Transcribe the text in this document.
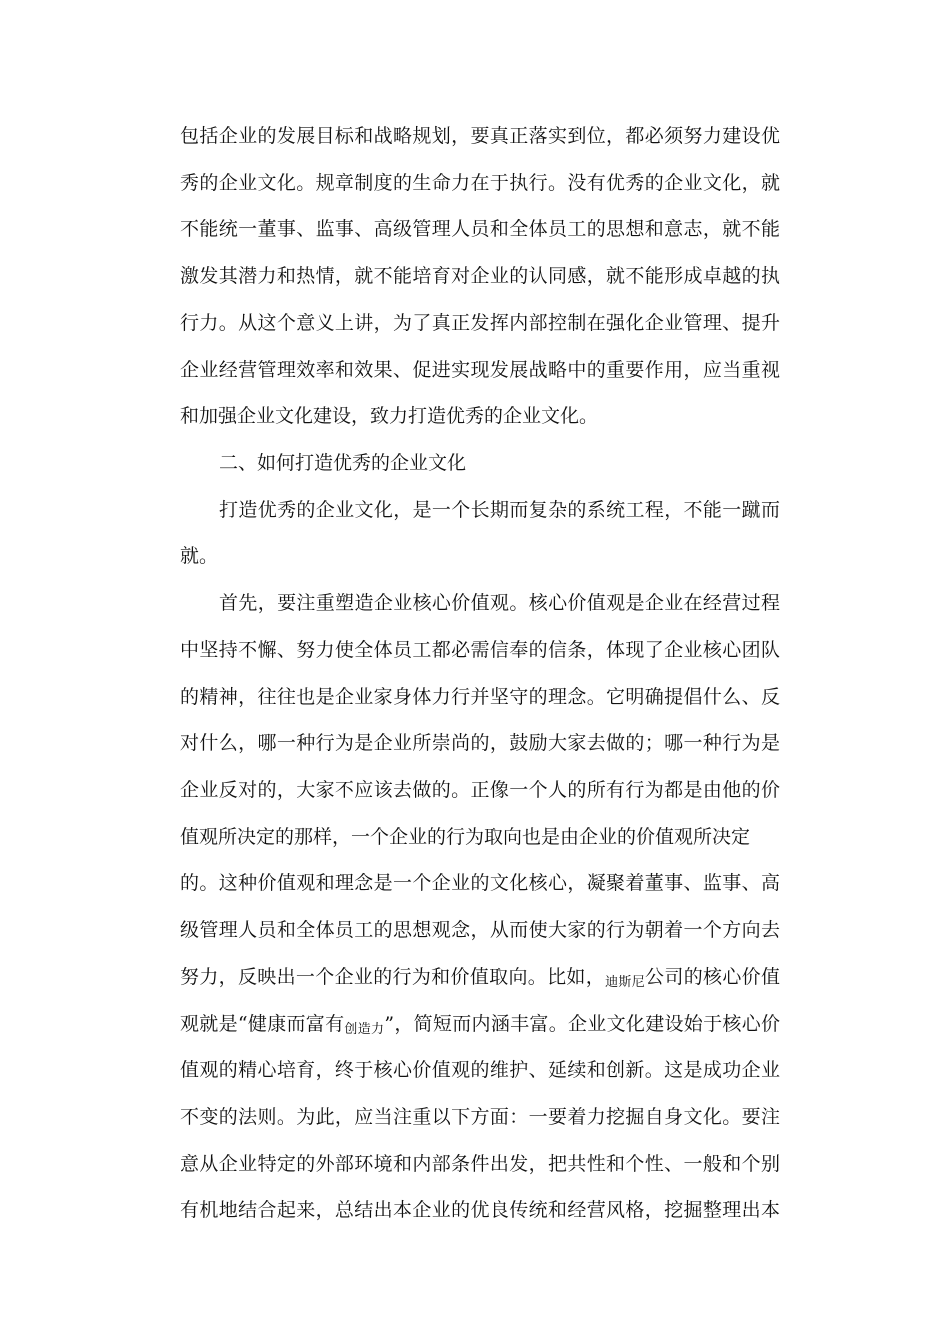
包括企业的发展目标和战略规划，要真正落实到位，都必须努力建设优
秀的企业文化。规章制度的生命力在于执行。没有优秀的企业文化，就
不能统一董事、监事、高级管理人员和全体员工的思想和意志，就不能
激发其潜力和热情，就不能培育对企业的认同感，就不能形成卓越的执
行力。从这个意义上讲，为了真正发挥内部控制在强化企业管理、提升
企业经营管理效率和效果、促进实现发展战略中的重要作用，应当重视
和加强企业文化建设，致力打造优秀的企业文化。
二、如何打造优秀的企业文化
打造优秀的企业文化，是一个长期而复杂的系统工程，不能一蹴而
就。
首先，要注重塑造企业核心价值观。核心价值观是企业在经营过程
中坚持不懈、努力使全体员工都必需信奉的信条，体现了企业核心团队
的精神，往往也是企业家身体力行并坚守的理念。它明确提倡什么、反
对什么，哪一种行为是企业所崇尚的，鼓励大家去做的；哪一种行为是
企业反对的，大家不应该去做的。正像一个人的所有行为都是由他的价
值观所决定的那样，一个企业的行为取向也是由企业的价值观所决定
的。这种价值观和理念是一个企业的文化核心，凝聚着董事、监事、高
级管理人员和全体员工的思想观念，从而使大家的行为朝着一个方向去
努力，反映出一个企业的行为和价值取向。比如，迪斯尼公司的核心价值
观就是“健康而富有创造力”，简短而内涵丰富。企业文化建设始于核心价
值观的精心培育，终于核心价值观的维护、延续和创新。这是成功企业
不变的法则。为此，应当注重以下方面：一要着力挖掘自身文化。要注
意从企业特定的外部环境和内部条件出发，把共性和个性、一般和个别
有机地结合起来，总结出本企业的优良传统和经营风格，挖掘整理出本
